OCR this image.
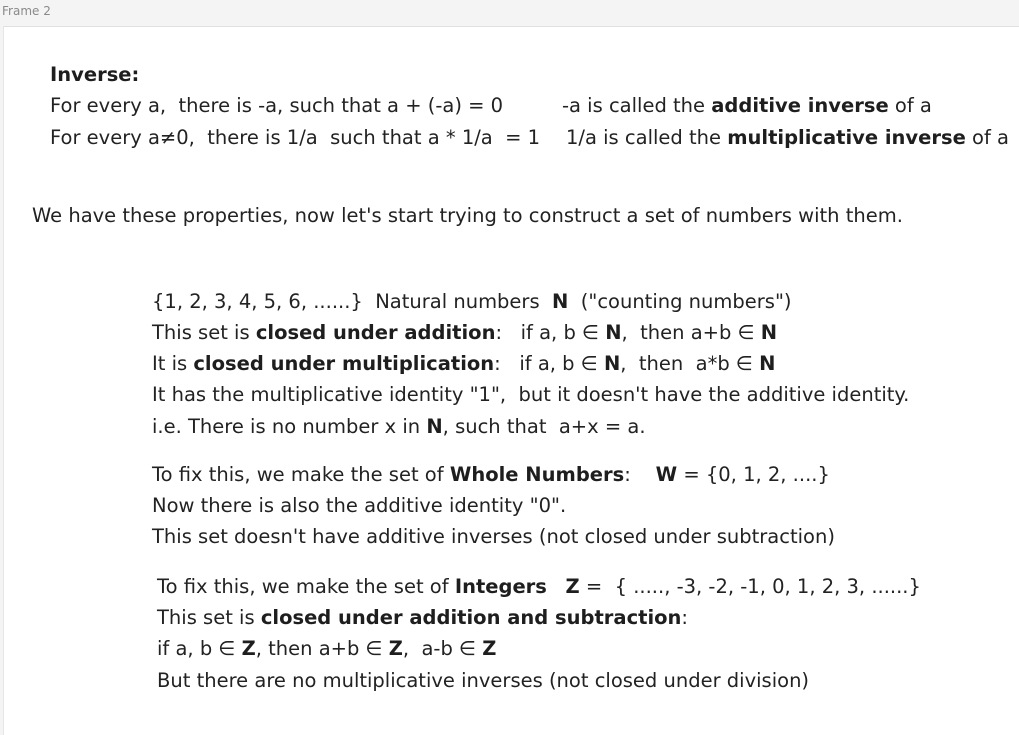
Frame 2
Inverse:
For every a,  there is -a, such that a + (-a) = 0	-a is called the additive inverse of a
For every a≠0,  there is 1/a  such that a * 1/a  = 1 1/a is called the multiplicative inverse of a
We have these properties, now let's start trying to construct a set of numbers with them.
{1, 2, 3, 4, 5, 6, ......}  Natural numbers  N  ("counting numbers")
This set is closed under addition:   if a, b ∈ N,  then a+b ∈ N
It is closed under multiplication:   if a, b ∈ N,  then  a*b ∈ N
It has the multiplicative identity "1",  but it doesn't have the additive identity.
i.e. There is no number x in N, such that  a+x = a.
To fix this, we make the set of Whole Numbers:    W = {0, 1, 2, ....}
Now there is also the additive identity "0".
This set doesn't have additive inverses (not closed under subtraction)
To fix this, we make the set of Integers Z =  { ....., -3, -2, -1, 0, 1, 2, 3, ......}
This set is closed under addition and subtraction:
if a, b ∈ Z, then a+b ∈ Z,  a-b ∈ Z
But there are no multiplicative inverses (not closed under division)
